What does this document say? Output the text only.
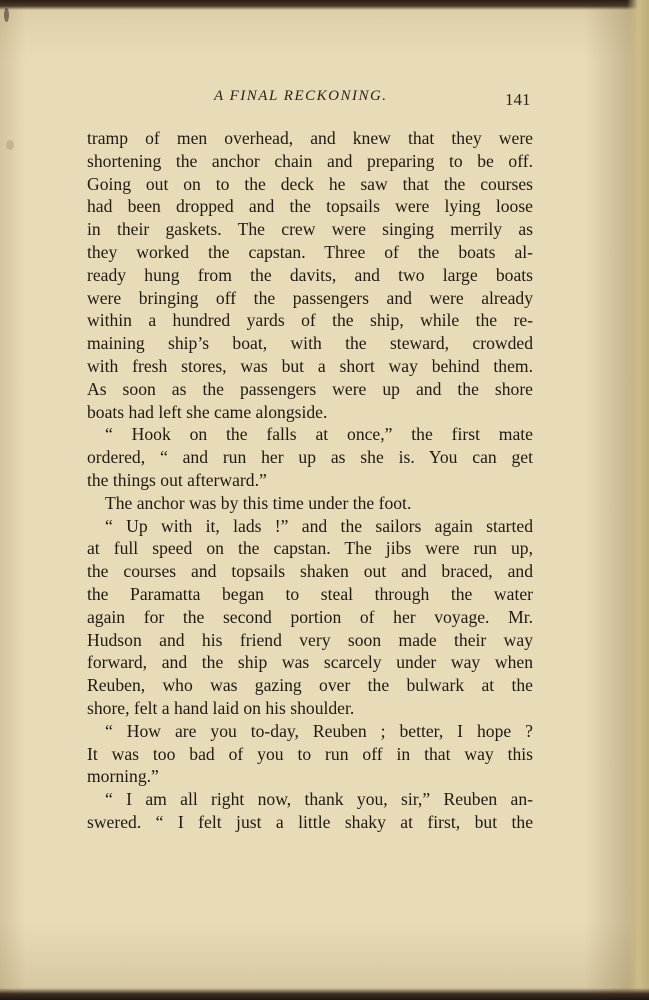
A FINAL RECKONING.	141
tramp of men overhead, and knew that they were
shortening the anchor chain and preparing to be off.
Going out on to the deck he saw that the courses
had been dropped and the topsails were lying loose
in their gaskets. The crew were singing merrily as
they worked the capstan. Three of the boats al-
ready hung from the davits, and two large boats
were bringing off the passengers and were already
within a hundred yards of the ship, while the re-
maining ship’s boat, with the steward, crowded
with fresh stores, was but a short way behind them.
As soon as the passengers were up and the shore
boats had left she came alongside.
“ Hook on the falls at once,” the first mate
ordered, “ and run her up as she is. You can get
the things out afterward.”
The anchor was by this time under the foot.
“ Up with it, lads !” and the sailors again started
at full speed on the capstan. The jibs were run up,
the courses and topsails shaken out and braced, and
the Paramatta began to steal through the water
again for the second portion of her voyage. Mr.
Hudson and his friend very soon made their way
forward, and the ship was scarcely under way when
Reuben, who was gazing over the bulwark at the
shore, felt a hand laid on his shoulder.
“ How are you to-day, Reuben ; better, I hope ?
It was too bad of you to run off in that way this
morning.”
“ I am all right now, thank you, sir,” Reuben an-
swered. “ I felt just a little shaky at first, but the
